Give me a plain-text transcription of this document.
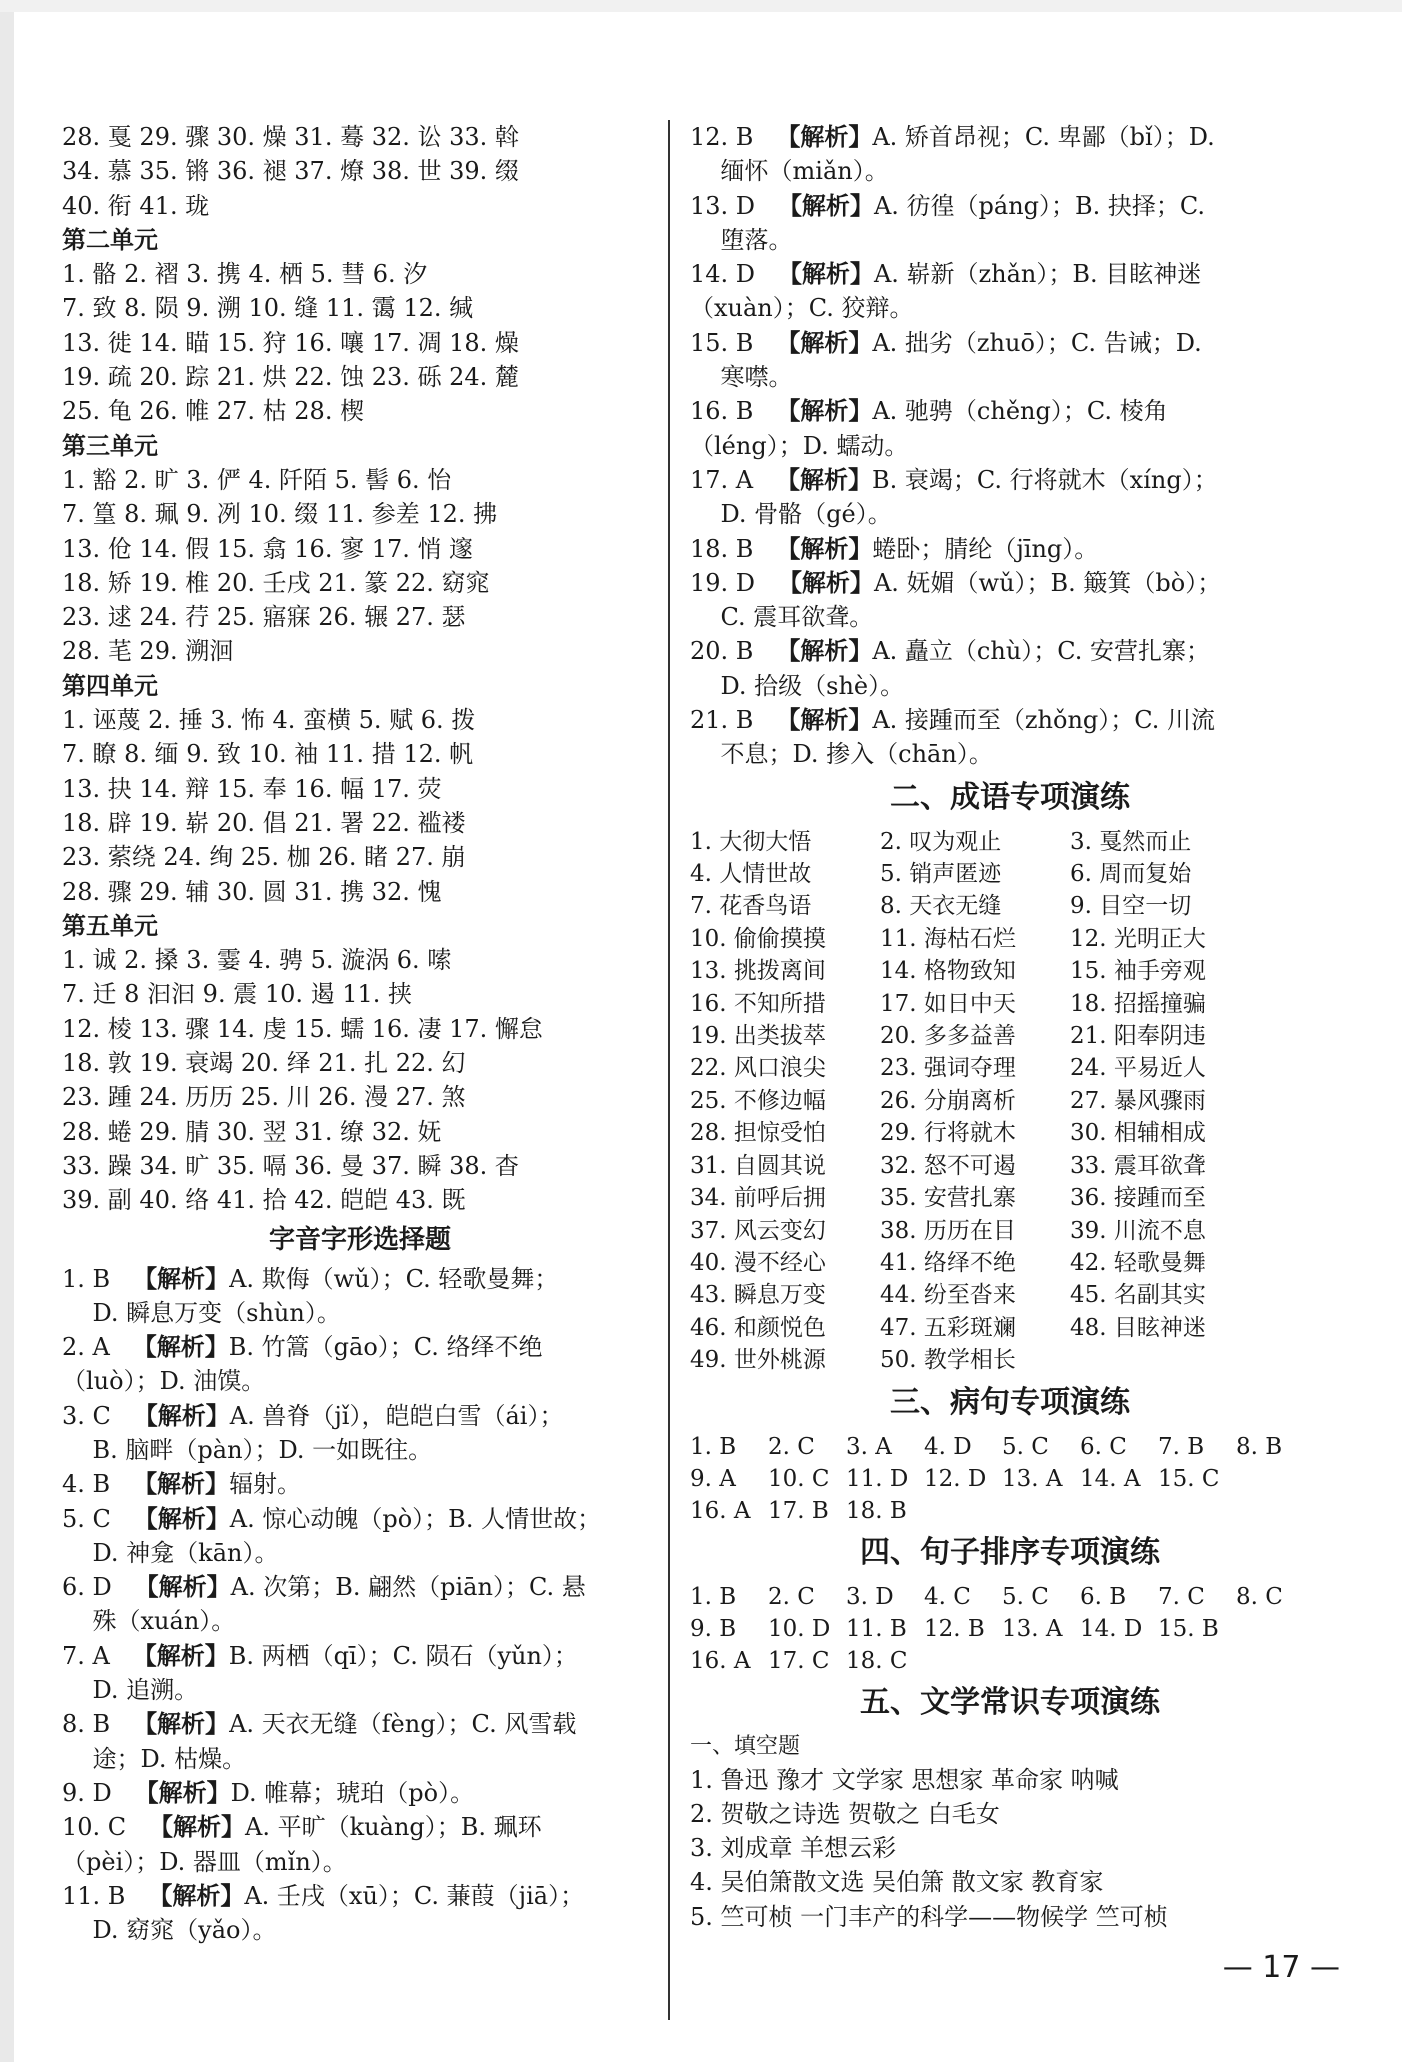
28. 戛 29. 骤 30. 燥 31. 蓦 32. 讼 33. 斡
34. 慕 35. 锵 36. 褪 37. 燎 38. 世 39. 缀
40. 衔 41. 珑
第二单元
1. 骼 2. 褶 3. 携 4. 栖 5. 彗 6. 汐
7. 致 8. 陨 9. 溯 10. 缝 11. 霭 12. 缄
13. 徙 14. 瞄 15. 狩 16. 嚷 17. 凋 18. 燥
19. 疏 20. 踪 21. 烘 22. 蚀 23. 砾 24. 麓
25. 龟 26. 帷 27. 枯 28. 楔
第三单元
1. 豁 2. 旷 3. 俨 4. 阡陌 5. 髻 6. 怡
7. 篁 8. 珮 9. 冽 10. 缀 11. 参差 12. 拂
13. 伧 14. 假 15. 翕 16. 寥 17. 悄 邃
18. 矫 19. 椎 20. 壬戌 21. 篆 22. 窈窕
23. 逑 24. 荇 25. 寤寐 26. 辗 27. 瑟
28. 芼 29. 溯洄
第四单元
1. 诬蔑 2. 捶 3. 怖 4. 蛮横 5. 赋 6. 拨
7. 瞭 8. 缅 9. 致 10. 袖 11. 措 12. 帆
13. 抉 14. 辩 15. 奉 16. 幅 17. 荧
18. 辟 19. 崭 20. 倡 21. 署 22. 褴褛
23. 萦绕 24. 绚 25. 枷 26. 睹 27. 崩
28. 骤 29. 辅 30. 圆 31. 携 32. 愧
第五单元
1. 诚 2. 搡 3. 霎 4. 骋 5. 漩涡 6. 嗦
7. 迁 8 汩汩 9. 震 10. 遏 11. 挟
12. 棱 13. 骤 14. 虔 15. 蠕 16. 凄 17. 懈怠
18. 敦 19. 衰竭 20. 绎 21. 扎 22. 幻
23. 踵 24. 历历 25. 川 26. 漫 27. 煞
28. 蜷 29. 腈 30. 翌 31. 缭 32. 妩
33. 躁 34. 旷 35. 嗝 36. 曼 37. 瞬 38. 杳
39. 副 40. 络 41. 拾 42. 皑皑 43. 既
字音字形选择题
1. B   【解析】A. 欺侮（wǔ）；C. 轻歌曼舞；
D. 瞬息万变（shùn）。
2. A   【解析】B. 竹篙（gāo）；C. 络绎不绝
（luò）；D. 油馍。
3. C   【解析】A. 兽脊（jǐ），皑皑白雪（ái）；
B. 脑畔（pàn）；D. 一如既往。
4. B   【解析】辐射。
5. C   【解析】A. 惊心动魄（pò）；B. 人情世故；
D. 神龛（kān）。
6. D   【解析】A. 次第；B. 翩然（piān）；C. 悬
殊（xuán）。
7. A   【解析】B. 两栖（qī）；C. 陨石（yǔn）；
D. 追溯。
8. B   【解析】A. 天衣无缝（fèng）；C. 风雪载
途；D. 枯燥。
9. D   【解析】D. 帷幕；琥珀（pò）。
10. C   【解析】A. 平旷（kuàng）；B. 珮环
（pèi）；D. 器皿（mǐn）。
11. B   【解析】A. 壬戌（xū）；C. 蒹葭（jiā）；
D. 窈窕（yǎo）。
12. B   【解析】A. 矫首昂视；C. 卑鄙（bǐ）；D.
缅怀（miǎn）。
13. D   【解析】A. 彷徨（páng）；B. 抉择；C.
堕落。
14. D   【解析】A. 崭新（zhǎn）；B. 目眩神迷
（xuàn）；C. 狡辩。
15. B   【解析】A. 拙劣（zhuō）；C. 告诫；D.
寒噤。
16. B   【解析】A. 驰骋（chěng）；C. 棱角
（léng）；D. 蠕动。
17. A   【解析】B. 衰竭；C. 行将就木（xíng）；
D. 骨骼（gé）。
18. B   【解析】蜷卧；腈纶（jīng）。
19. D   【解析】A. 妩媚（wǔ）；B. 簸箕（bò）；
C. 震耳欲聋。
20. B   【解析】A. 矗立（chù）；C. 安营扎寨；
D. 拾级（shè）。
21. B   【解析】A. 接踵而至（zhǒng）；C. 川流
不息；D. 掺入（chān）。
二、成语专项演练
1. 大彻大悟	2. 叹为观止	3. 戛然而止
4. 人情世故	5. 销声匿迹	6. 周而复始
7. 花香鸟语	8. 天衣无缝	9. 目空一切
10. 偷偷摸摸	11. 海枯石烂	12. 光明正大
13. 挑拨离间	14. 格物致知	15. 袖手旁观
16. 不知所措	17. 如日中天	18. 招摇撞骗
19. 出类拔萃	20. 多多益善	21. 阳奉阴违
22. 风口浪尖	23. 强词夺理	24. 平易近人
25. 不修边幅	26. 分崩离析	27. 暴风骤雨
28. 担惊受怕	29. 行将就木	30. 相辅相成
31. 自圆其说	32. 怒不可遏	33. 震耳欲聋
34. 前呼后拥	35. 安营扎寨	36. 接踵而至
37. 风云变幻	38. 历历在目	39. 川流不息
40. 漫不经心	41. 络绎不绝	42. 轻歌曼舞
43. 瞬息万变	44. 纷至沓来	45. 名副其实
46. 和颜悦色	47. 五彩斑斓	48. 目眩神迷
49. 世外桃源	50. 教学相长
三、病句专项演练
1. B	2. C	3. A	4. D	5. C	6. C	7. B	8. B
9. A	10. C 11. D 12. D 13. A 14. A 15. C
16. A 17. B 18. B
四、句子排序专项演练
1. B	2. C	3. D	4. C	5. C	6. B	7. C	8. C
9. B	10. D 11. B 12. B 13. A 14. D 15. B
16. A 17. C 18. C
五、文学常识专项演练
一、填空题
1. 鲁迅 豫才 文学家 思想家 革命家 呐喊
2. 贺敬之诗选 贺敬之 白毛女
3. 刘成章 羊想云彩
4. 吴伯箫散文选 吴伯箫 散文家 教育家
5. 竺可桢 一门丰产的科学——物候学 竺可桢
— 17 —
